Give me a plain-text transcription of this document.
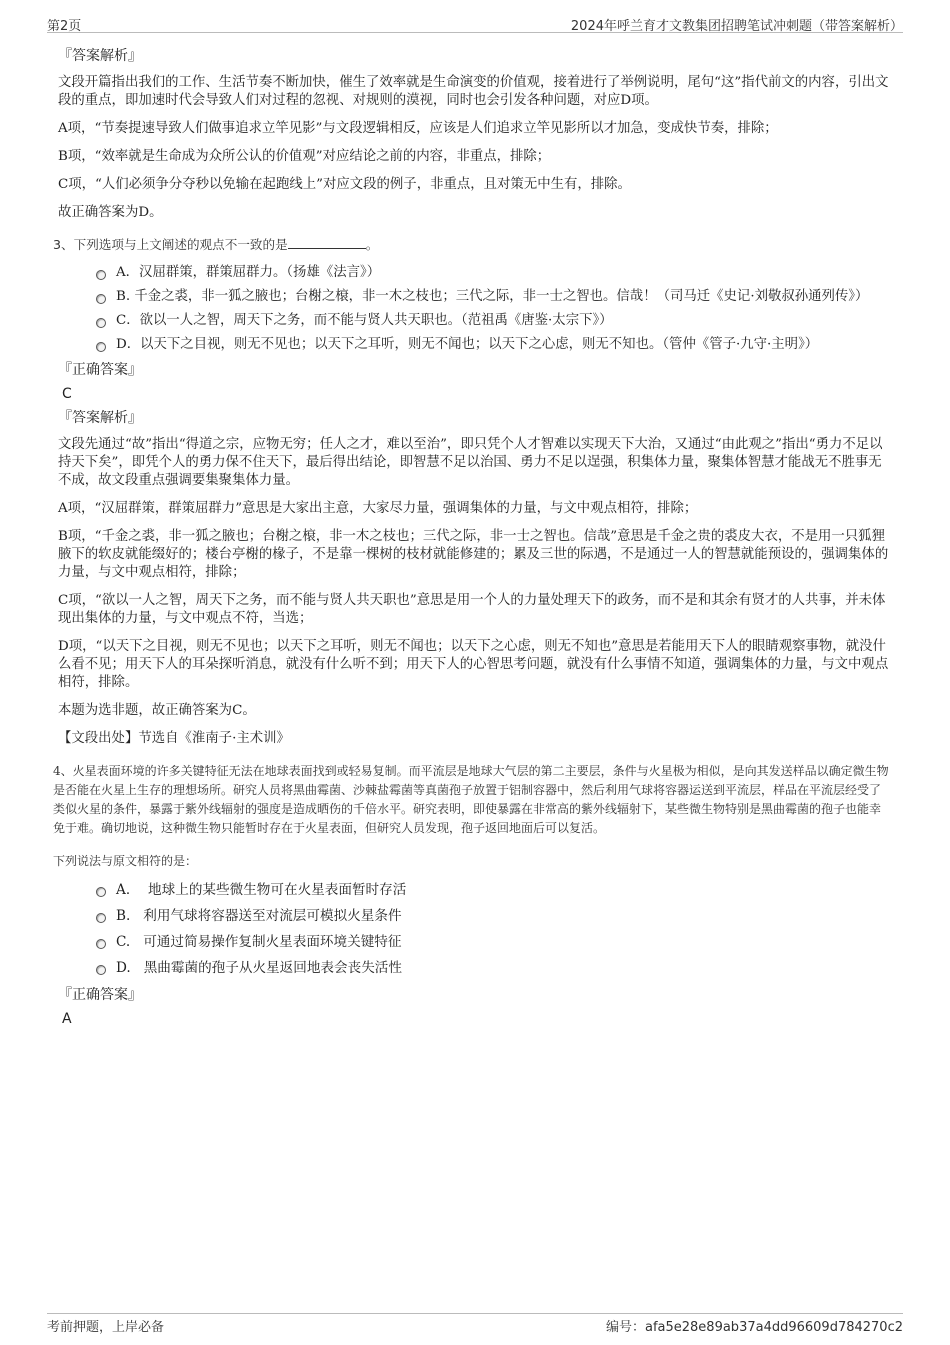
第2页	2024年呼兰育才文教集团招聘笔试冲刺题（带答案解析）
『答案解析』

文段开篇指出我们的工作、生活节奏不断加快，催生了效率就是生命演变的价值观，接着进行了举例说明，尾句“这”指代前文的内容，引出文段的重点，即加速时代会导致人们对过程的忽视、对规则的漠视，同时也会引发各种问题，对应D项。

A项，“节奏提速导致人们做事追求立竿见影”与文段逻辑相反，应该是人们追求立竿见影所以才加急，变成快节奏，排除；

B项，“效率就是生命成为众所公认的价值观”对应结论之前的内容，非重点，排除；

C项，“人们必须争分夺秒以免输在起跑线上”对应文段的例子，非重点，且对策无中生有，排除。

故正确答案为D。

3、下列选项与上文阐述的观点不一致的是	。
A．汉屈群策，群策屈群力。（扬雄《法言》）
B. 千金之裘，非一狐之腋也；台榭之榱，非一木之枝也；三代之际，非一士之智也。信哉！（司马迁《史记·刘敬叔孙通列传》）
C．欲以一人之智，周天下之务，而不能与贤人共天职也。（范祖禹《唐鉴·太宗下》）
D．以天下之目视，则无不见也；以天下之耳听，则无不闻也；以天下之心虑，则无不知也。（管仲《管子·九守·主明》）
『正确答案』
C
『答案解析』

文段先通过“故”指出“得道之宗，应物无穷；任人之才，难以至治”，即只凭个人才智难以实现天下大治，又通过“由此观之”指出“勇力不足以持天下矣”，即凭个人的勇力保不住天下，最后得出结论，即智慧不足以治国、勇力不足以逞强，积集体力量，聚集体智慧才能战无不胜事无不成，故文段重点强调要集聚集体力量。

A项，“汉屈群策，群策屈群力”意思是大家出主意，大家尽力量，强调集体的力量，与文中观点相符，排除；

B项，“千金之裘，非一狐之腋也；台榭之榱，非一木之枝也；三代之际，非一士之智也。信哉”意思是千金之贵的裘皮大衣，不是用一只狐狸腋下的软皮就能缀好的；楼台亭榭的椽子，不是靠一棵树的枝材就能修建的；累及三世的际遇，不是通过一人的智慧就能预设的，强调集体的力量，与文中观点相符，排除；

C项，“欲以一人之智，周天下之务，而不能与贤人共天职也”意思是用一个人的力量处理天下的政务，而不是和其余有贤才的人共事，并未体现出集体的力量，与文中观点不符，当选；

D项，“以天下之目视，则无不见也；以天下之耳听，则无不闻也；以天下之心虑，则无不知也”意思是若能用天下人的眼睛观察事物，就没什么看不见；用天下人的耳朵探听消息，就没有什么听不到；用天下人的心智思考问题，就没有什么事情不知道，强调集体的力量，与文中观点相符，排除。

本题为选非题，故正确答案为C。

【文段出处】节选自《淮南子·主术训》

4、火星表面环境的许多关键特征无法在地球表面找到或轻易复制。而平流层是地球大气层的第二主要层，条件与火星极为相似，是向其发送样品以确定微生物是否能在火星上生存的理想场所。研究人员将黑曲霉菌、沙棘盐霉菌等真菌孢子放置于铝制容器中，然后利用气球将容器运送到平流层，样品在平流层经受了类似火星的条件，暴露于紫外线辐射的强度是造成晒伤的千倍水平。研究表明，即使暴露在非常高的紫外线辐射下，某些微生物特别是黑曲霉菌的孢子也能幸免于难。确切地说，这种微生物只能暂时存在于火星表面，但研究人员发现，孢子返回地面后可以复活。
下列说法与原文相符的是：
A．  地球上的某些微生物可在火星表面暂时存活
B.   利用气球将容器送至对流层可模拟火星条件
C.   可通过简易操作复制火星表面环境关键特征
D.   黑曲霉菌的孢子从火星返回地表会丧失活性
『正确答案』
A
考前押题，上岸必备	编号：afa5e28e89ab37a4dd96609d784270c2
